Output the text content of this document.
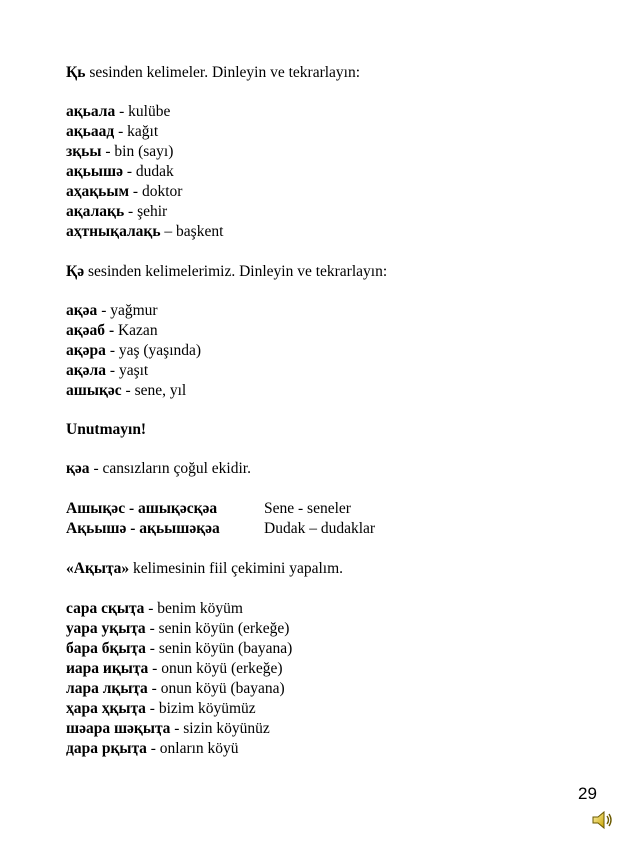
Қь sesinden kelimeler. Dinleyin ve tekrarlayın:
ақьала - kulübe
ақьаад - kağıt
зқьы - bin (sayı)
ақьышә - dudak
аҳақьым - doktor
ақалақь - şehir
аҳтнықалақь – başkent
Қә sesinden kelimelerimiz. Dinleyin ve tekrarlayın:
ақәа - yağmur
ақәаб - Kazan
ақәра - yaş (yaşında)
ақәла - yaşıt
ашықәс - sene, yıl
Unutmayın!
қәа - cansızların çoğul ekidir.
Ашықәс - ашықәсқәа	Sene - seneler
Ақьышә - ақьышәқәа	Dudak – dudaklar
«Ақыҭа» kelimesinin fiil çekimini yapalım.
сара сқыҭа - benim köyüm
уара уқыҭа - senin köyün (erkeğe)
бара бқыҭа - senin köyün (bayana)
иара иқыҭа - onun köyü (erkeğe)
лара лқыҭа - onun köyü (bayana)
ҳара ҳқыҭа - bizim köyümüz
шәара шәқыҭа - sizin köyünüz
дара рқыҭа - onların köyü
29
